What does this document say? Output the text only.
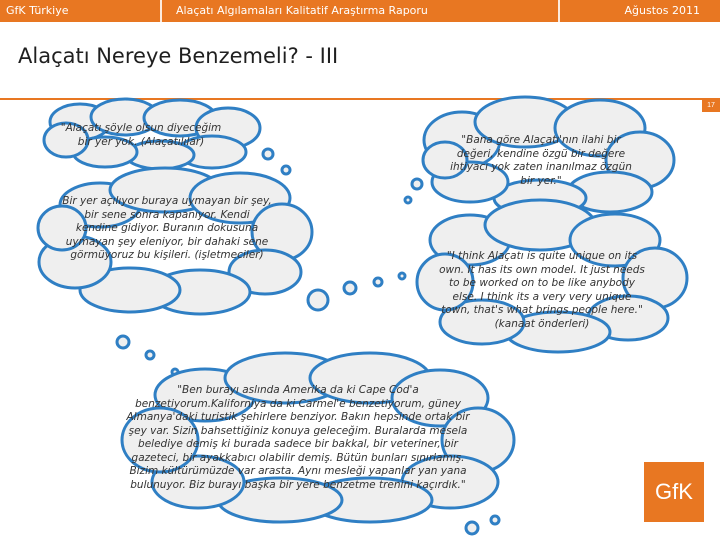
GfK Türkiye	Alaçatı Algılamaları Kalitatif Araştırma Raporu	Ağustos 2011
Alaçatı Nereye Benzemeli? - III
17
"Alaçatı şöyle olsun diyeceğim bir yer yok. (Alaçatılılar)	"Bana göre Alaçatı'nın ilahi bir değeri, kendine özgü bir değere ihtiyacı yok zaten inanılmaz özgün bir yer."
Bir yer açılıyor buraya uymayan bir şey, bir sene sonra kapanıyor. Kendi kendine gidiyor. Buranın dokusuna uymayan şey eleniyor, bir dahaki sene görmüyoruz bu kişileri. (işletmeciler)	"I think Alaçatı is quite unique on its own. It has its own model. It just needs to be worked on to be like anybody else. I think its a very very unique town, that's what brings people here." (kanaat önderleri)
"Ben burayı aslında Amerika da ki Cape Cod'a benzetiyorum.Kaliforniya da ki Carmel'e benzetiyorum, güney Almanya'daki turistik şehirlere benziyor. Bakın hepsinde ortak bir şey var. Sizin bahsettiğiniz konuya geleceğim. Buralarda mesela belediye demiş ki burada sadece bir bakkal, bir veteriner, bir gazeteci, bir ayakkabıcı olabilir demiş. Bütün bunları sınırlamış. Bizim kültürümüzde var arasta. Aynı mesleği yapanlar yan yana bulunuyor. Biz burayı başka bir yere benzetme trenini kaçırdık."	GfK
